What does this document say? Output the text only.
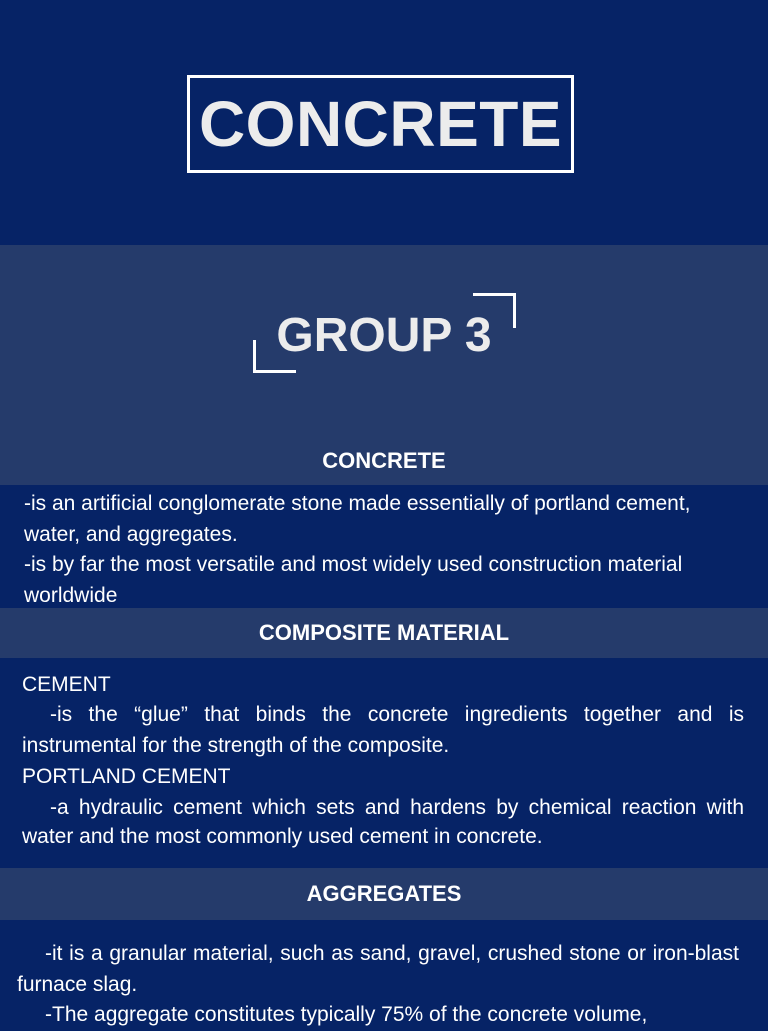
CONCRETE
GROUP 3
CONCRETE
-is an artificial conglomerate stone made essentially of portland cement, water, and aggregates.
-is by far the most versatile and most widely used construction material worldwide
COMPOSITE MATERIAL
CEMENT
-is the “glue” that binds the concrete ingredients together and is instrumental for the strength of the composite.
PORTLAND CEMENT
-a hydraulic cement which sets and hardens by chemical reaction with water and the most commonly used cement in concrete.
AGGREGATES
-it is a granular material, such as sand, gravel, crushed stone or iron-blast furnace slag.
-The aggregate constitutes typically 75% of the concrete volume,
